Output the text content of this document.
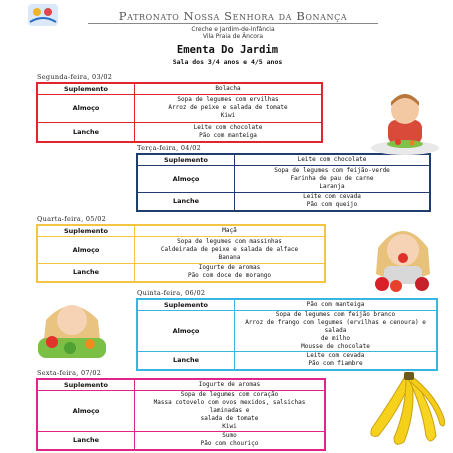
Patronato Nossa Senhora da Bonança
Creche e Jardim-de-Infância
Vila Praia de Âncora
Ementa Do Jardim
Sala dos 3/4 anos e 4/5 anos
Segunda-feira, 03/02
Suplemento	Bolacha

Almoço	Sopa de legumes com ervilhas
Arroz de peixe e salada de tomate
Kiwi

Lanche	Leite com chocolate
Pão com manteiga
Terça-feira, 04/02
Suplemento	Leite com chocolate

Almoço	Sopa de legumes com feijão-verde
Farinha de pau de carne
Laranja

Lanche	Leite com cevada
Pão com queijo
Quarta-feira, 05/02
Suplemento	Maçã

Almoço	Sopa de legumes com massinhas
Caldeirada de peixe e salada de alface
Banana

Lanche	Iogurte de aromas
Pão com doce de morango
Quinta-feira, 06/02
Suplemento	Pão com manteiga

Almoço	Sopa de legumes com feijão branco
Arroz de frango com legumes (ervilhas e cenoura) e salada
de milho
Mousse de chocolate

Lanche	Leite com cevada
Pão com fiambre
Sexta-feira, 07/02
Suplemento	Iogurte de aromas

Almoço	Sopa de legumes com coração
Massa cotovelo com ovos mexidos, salsichas laminadas e
salada de tomate
Kiwi

Lanche	Sumo
Pão com chouriço
